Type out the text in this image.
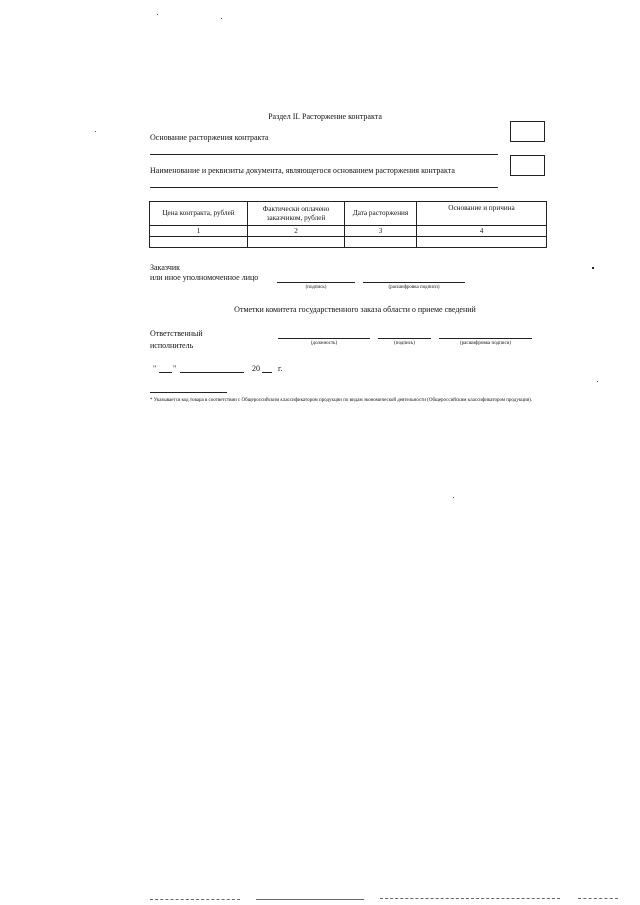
Раздел II. Расторжение контракта
Основание расторжения контракта
Наименование и реквизиты документа, являющегося основанием расторжения контракта
Цена контракта, рублей	Фактически оплачено заказчиком, рублей	Дата расторжения	Основание и причина
1	2	3	4

Заказчик
или иное уполномоченное лицо
(подпись)	(расшифровка подписи)
Отметки комитета государственного заказа области о приеме сведений
Ответственный
исполнитель	(должность)	(подпись)	(расшифровка подписи)
" "	20 г.
* Указывается код товара в соответствии с Общероссийским классификатором продукции по видам экономической деятельности (Общероссийским классификатором продукции).
